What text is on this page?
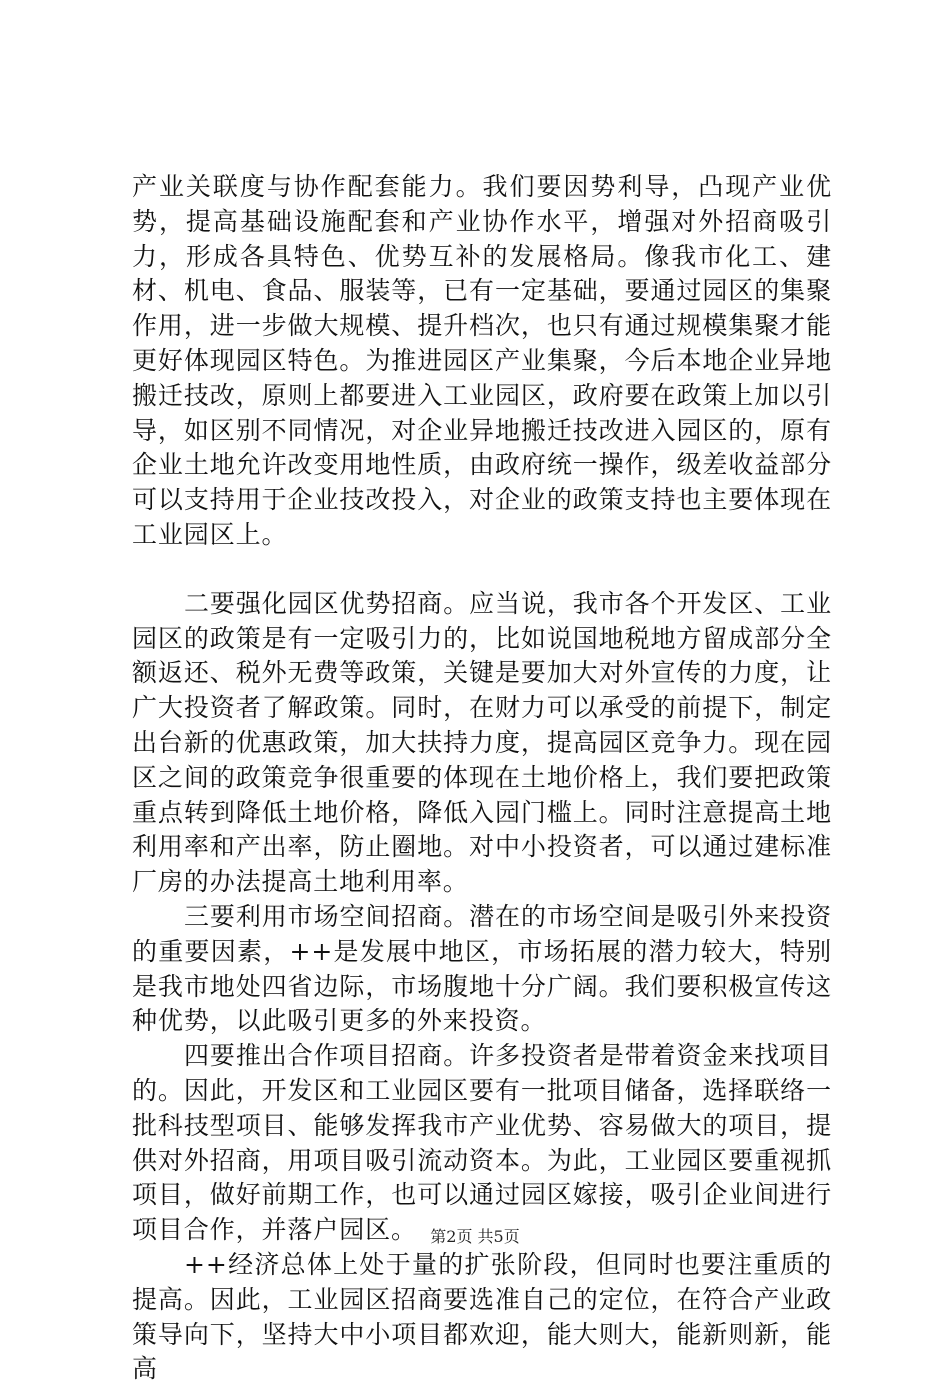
产业关联度与协作配套能力。我们要因势利导，凸现产业优势，提高基础设施配套和产业协作水平，增强对外招商吸引力，形成各具特色、优势互补的发展格局。像我市化工、建材、机电、食品、服装等，已有一定基础，要通过园区的集聚作用，进一步做大规模、提升档次，也只有通过规模集聚才能更好体现园区特色。为推进园区产业集聚，今后本地企业异地搬迁技改，原则上都要进入工业园区，政府要在政策上加以引导，如区别不同情况，对企业异地搬迁技改进入园区的，原有企业土地允许改变用地性质，由政府统一操作，级差收益部分可以支持用于企业技改投入，对企业的政策支持也主要体现在工业园区上。

二要强化园区优势招商。应当说，我市各个开发区、工业园区的政策是有一定吸引力的，比如说国地税地方留成部分全额返还、税外无费等政策，关键是要加大对外宣传的力度，让广大投资者了解政策。同时，在财力可以承受的前提下，制定出台新的优惠政策，加大扶持力度，提高园区竞争力。现在园区之间的政策竞争很重要的体现在土地价格上，我们要把政策重点转到降低土地价格，降低入园门槛上。同时注意提高土地利用率和产出率，防止圈地。对中小投资者，可以通过建标准厂房的办法提高土地利用率。

三要利用市场空间招商。潜在的市场空间是吸引外来投资的重要因素，++是发展中地区，市场拓展的潜力较大，特别是我市地处四省边际，市场腹地十分广阔。我们要积极宣传这种优势，以此吸引更多的外来投资。

四要推出合作项目招商。许多投资者是带着资金来找项目的。因此，开发区和工业园区要有一批项目储备，选择联络一批科技型项目、能够发挥我市产业优势、容易做大的项目，提供对外招商，用项目吸引流动资本。为此，工业园区要重视抓项目，做好前期工作，也可以通过园区嫁接，吸引企业间进行项目合作，并落户园区。

++经济总体上处于量的扩张阶段，但同时也要注重质的提高。因此，工业园区招商要选准自己的定位，在符合产业政策导向下，坚持大中小项目都欢迎，能大则大，能新则新，能高

第2页 共5页
